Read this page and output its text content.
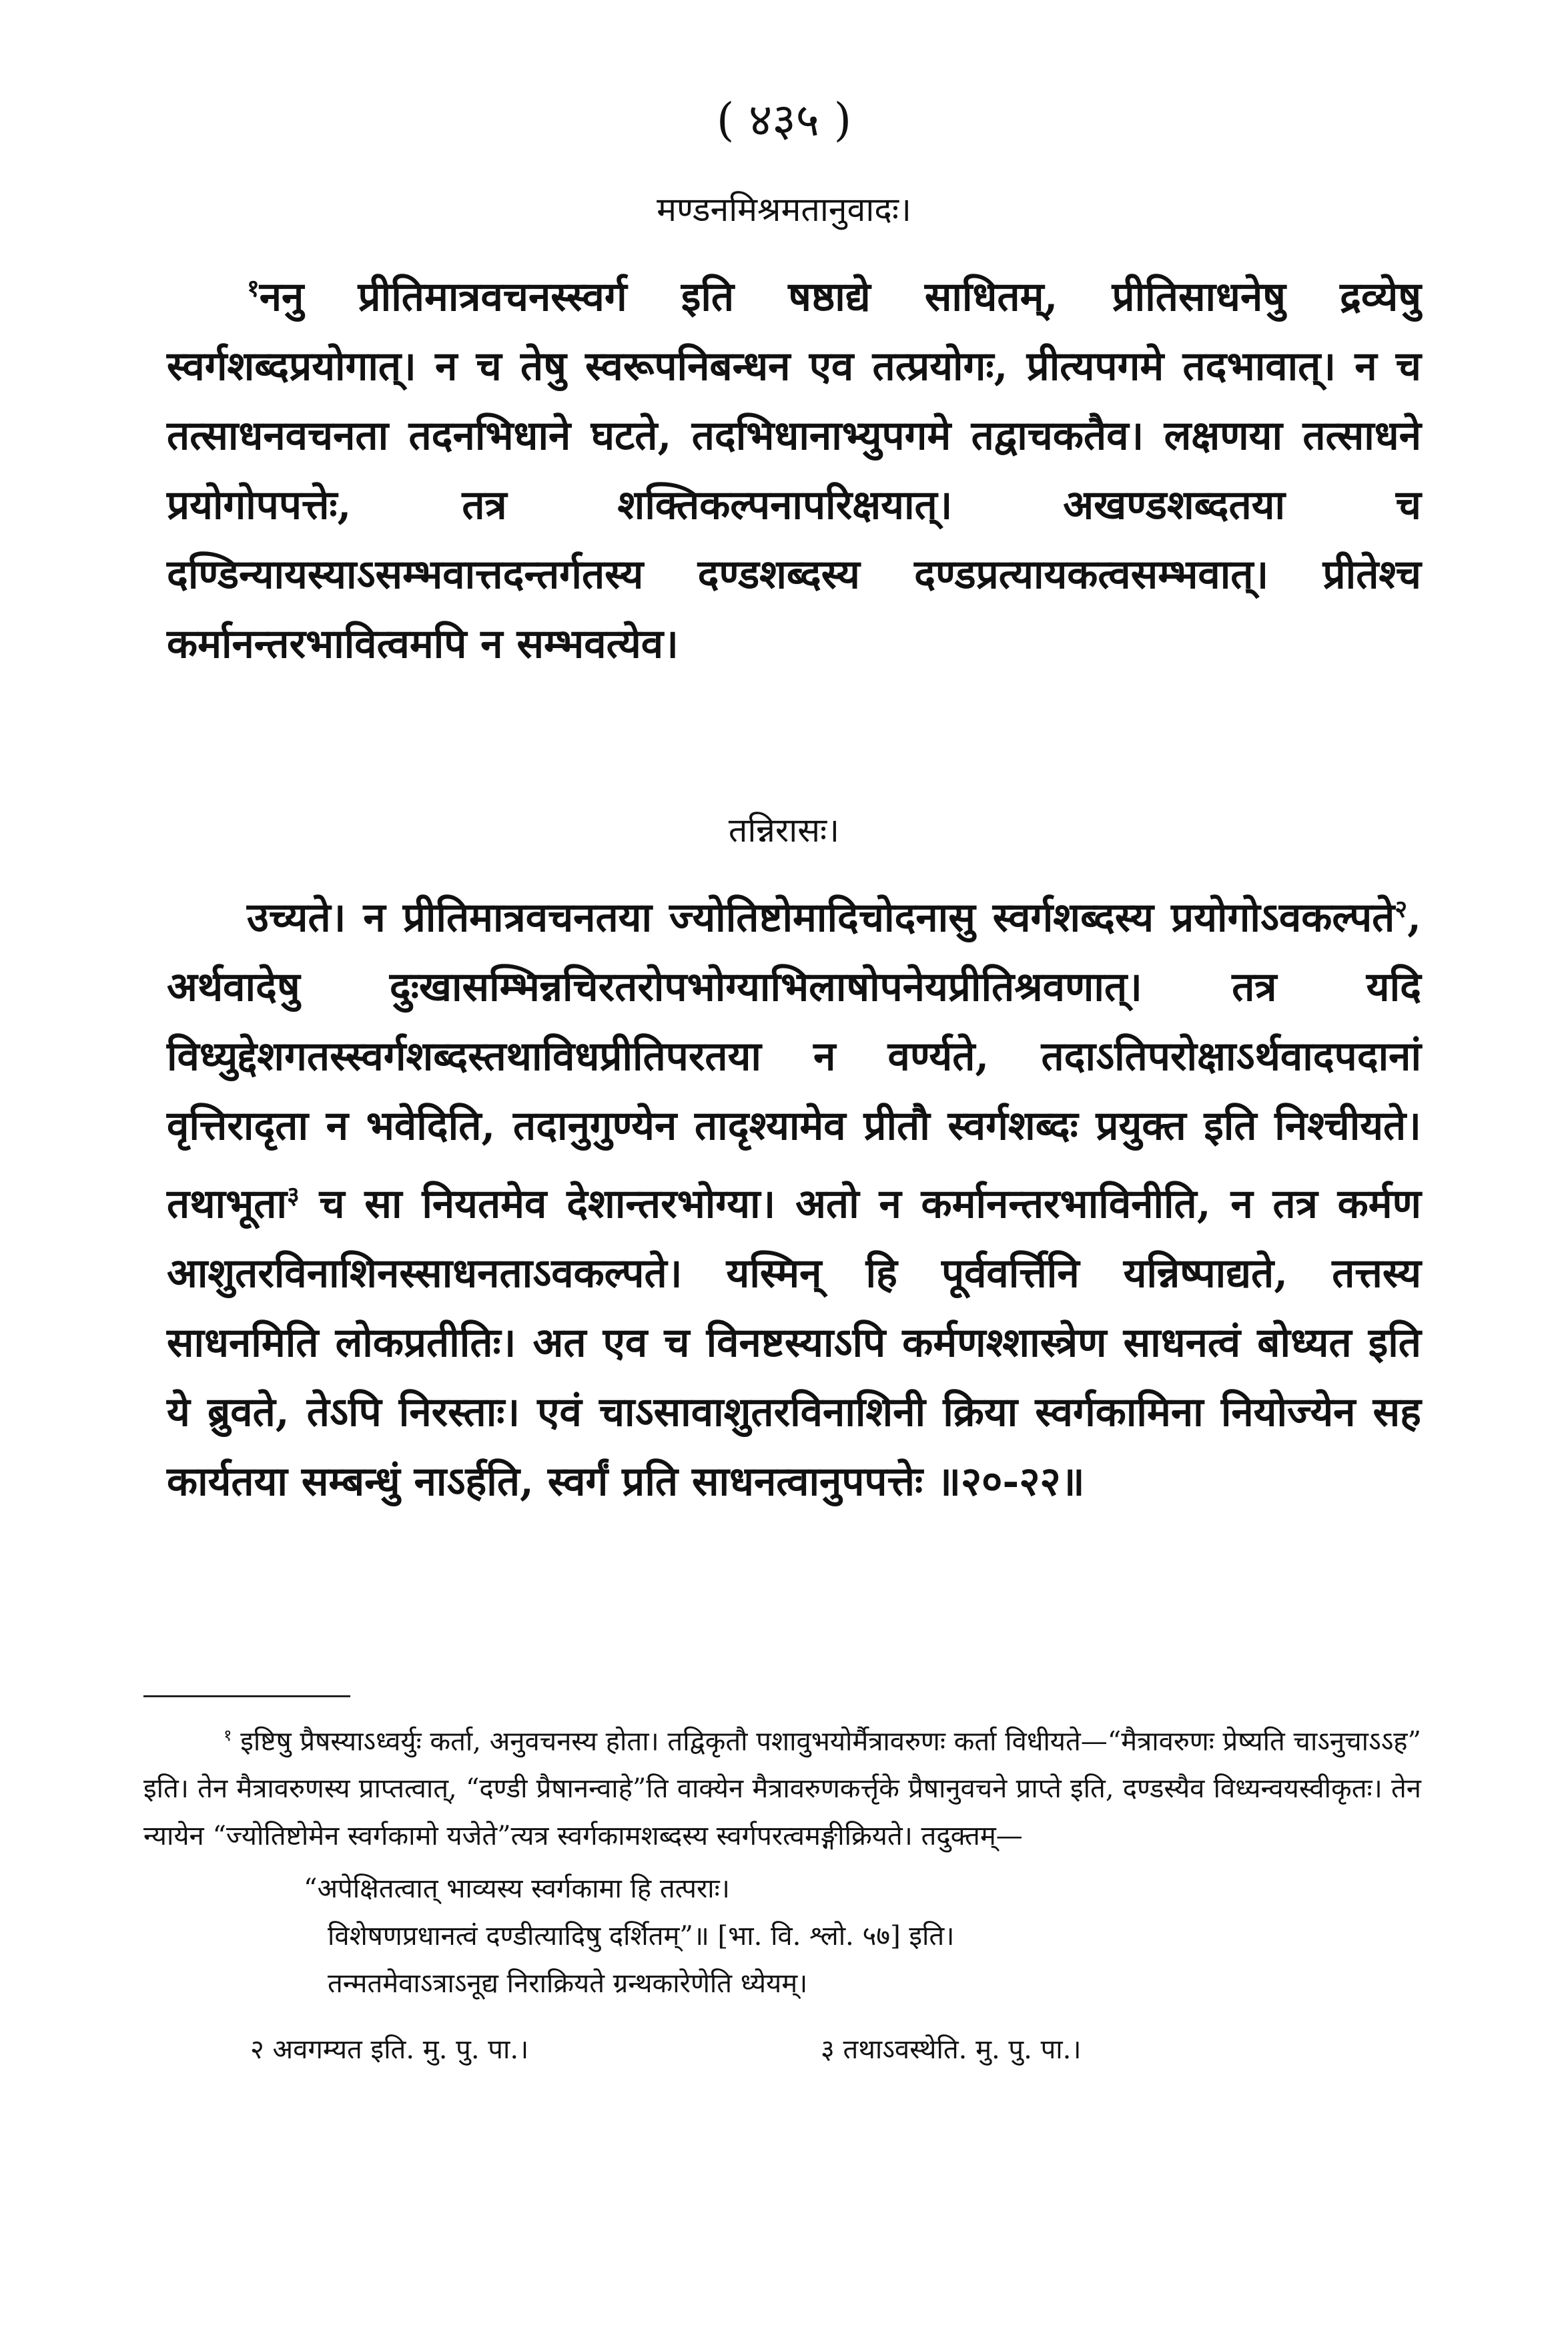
( ४३५ )
मण्डनमिश्रमतानुवादः।
$^१$ननु प्रीतिमात्रवचनस्स्वर्ग इति षष्ठाद्ये साधितम्, प्रीतिसाधनेषु द्रव्येषु स्वर्गशब्दप्रयोगात्। न च तेषु स्वरूपनिबन्धन एव तत्प्रयोगः, प्रीत्यपगमे तदभावात्। न च तत्साधनवचनता तदनभिधाने घटते, तदभिधानाभ्युपगमे तद्वाचकतैव। लक्षणया तत्साधने प्रयोगोपपत्तेः, तत्र शक्तिकल्पनापरिक्षयात्। अखण्डशब्दतया च दण्डिन्यायस्याऽसम्भवात्तदन्तर्गतस्य दण्डशब्दस्य दण्डप्रत्यायकत्वसम्भवात्। प्रीतेश्च कर्मानन्तरभावित्वमपि न सम्भवत्येव।
तन्निरासः।
उच्यते। न प्रीतिमात्रवचनतया ज्योतिष्टोमादिचोदनासु स्वर्गशब्दस्य प्रयोगोऽवकल्पते$^२$, अर्थवादेषु दुःखासम्भिन्नचिरतरोपभोग्याभिलाषोपनेयप्रीतिश्रवणात्। तत्र यदि विध्युद्देशगतस्स्वर्गशब्दस्तथाविधप्रीतिपरतया न वर्ण्यते, तदाऽतिपरोक्षाऽर्थवादपदानां वृत्तिरादृता न भवेदिति, तदानुगुण्येन तादृश्यामेव प्रीतौ स्वर्गशब्दः प्रयुक्त इति निश्चीयते। तथाभूता$^३$ च सा नियतमेव देशान्तरभोग्या। अतो न कर्मानन्तरभाविनीति, न तत्र कर्मण आशुतरविनाशिनस्साधनताऽवकल्पते। यस्मिन् हि पूर्ववर्त्तिनि यन्निष्पाद्यते, तत्तस्य साधनमिति लोकप्रतीतिः। अत एव च विनष्टस्याऽपि कर्मणश्शास्त्रेण साधनत्वं बोध्यत इति ये ब्रुवते, तेऽपि निरस्ताः। एवं चाऽसावाशुतरविनाशिनी क्रिया स्वर्गकामिना नियोज्येन सह कार्यतया सम्बन्धुं नाऽर्हति, स्वर्गं प्रति साधनत्वानुपपत्तेः ॥२०-२२॥

$^१$ इष्टिषु प्रैषस्याऽध्वर्युः कर्ता, अनुवचनस्य होता। तद्विकृतौ पशावुभयोर्मैत्रावरुणः कर्ता विधीयते—“मैत्रावरुणः प्रेष्यति चाऽनुचाऽऽह” इति। तेन मैत्रावरुणस्य प्राप्तत्वात्, “दण्डी प्रैषानन्वाहे”ति वाक्येन मैत्रावरुणकर्त्तृके प्रैषानुवचने प्राप्ते इति, दण्डस्यैव विध्यन्वयस्वीकृतः। तेन न्यायेन “ज्योतिष्टोमेन स्वर्गकामो यजेते”त्यत्र स्वर्गकामशब्दस्य स्वर्गपरत्वमङ्गीक्रियते। तदुक्तम्—

“अपेक्षितत्वात् भाव्यस्य स्वर्गकामा हि तत्पराः।
विशेषणप्रधानत्वं दण्डीत्यादिषु दर्शितम्”॥ [भा. वि. श्लो. ५७] इति।
तन्मतमेवाऽत्राऽनूद्य निराक्रियते ग्रन्थकारेणेति ध्येयम्।
२ अवगम्यत इति. मु. पु. पा.।	३ तथाऽवस्थेति. मु. पु. पा.।
